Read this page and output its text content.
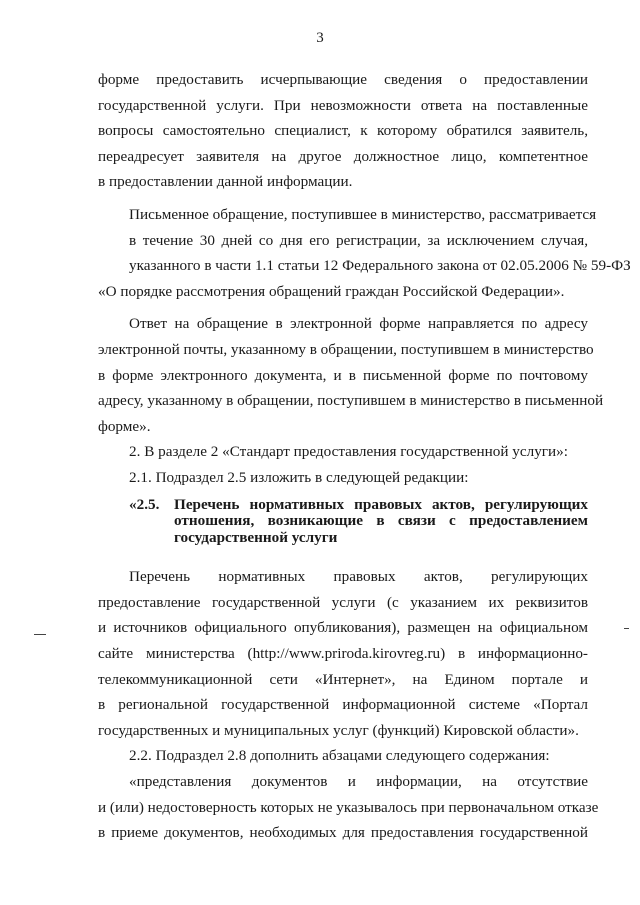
3
форме предоставить исчерпывающие сведения о предоставлении
государственной услуги. При невозможности ответа на поставленные
вопросы самостоятельно специалист, к которому обратился заявитель,
переадресует заявителя на другое должностное лицо, компетентное
в предоставлении данной информации.
Письменное обращение, поступившее в министерство, рассматривается
в течение 30 дней со дня его регистрации, за исключением случая,
указанного в части 1.1 статьи 12 Федерального закона от 02.05.2006 № 59-ФЗ
«О порядке рассмотрения обращений граждан Российской Федерации».
Ответ на обращение в электронной форме направляется по адресу
электронной почты, указанному в обращении, поступившем в министерство
в форме электронного документа, и в письменной форме по почтовому
адресу, указанному в обращении, поступившем в министерство в письменной
форме».
2. В разделе 2 «Стандарт предоставления государственной услуги»:
2.1. Подраздел 2.5 изложить в следующей редакции:
«2.5. Перечень нормативных правовых актов, регулирующих
отношения, возникающие в связи с предоставлением
государственной услуги
Перечень нормативных правовых актов, регулирующих
предоставление государственной услуги (с указанием их реквизитов
и источников официального опубликования), размещен на официальном
сайте министерства (http://www.priroda.kirovreg.ru) в информационно-
телекоммуникационной сети «Интернет», на Едином портале и
в региональной государственной информационной системе «Портал
государственных и муниципальных услуг (функций) Кировской области».
2.2. Подраздел 2.8 дополнить абзацами следующего содержания:
«представления документов и информации, на отсутствие
и (или) недостоверность которых не указывалось при первоначальном отказе
в приеме документов, необходимых для предоставления государственной
